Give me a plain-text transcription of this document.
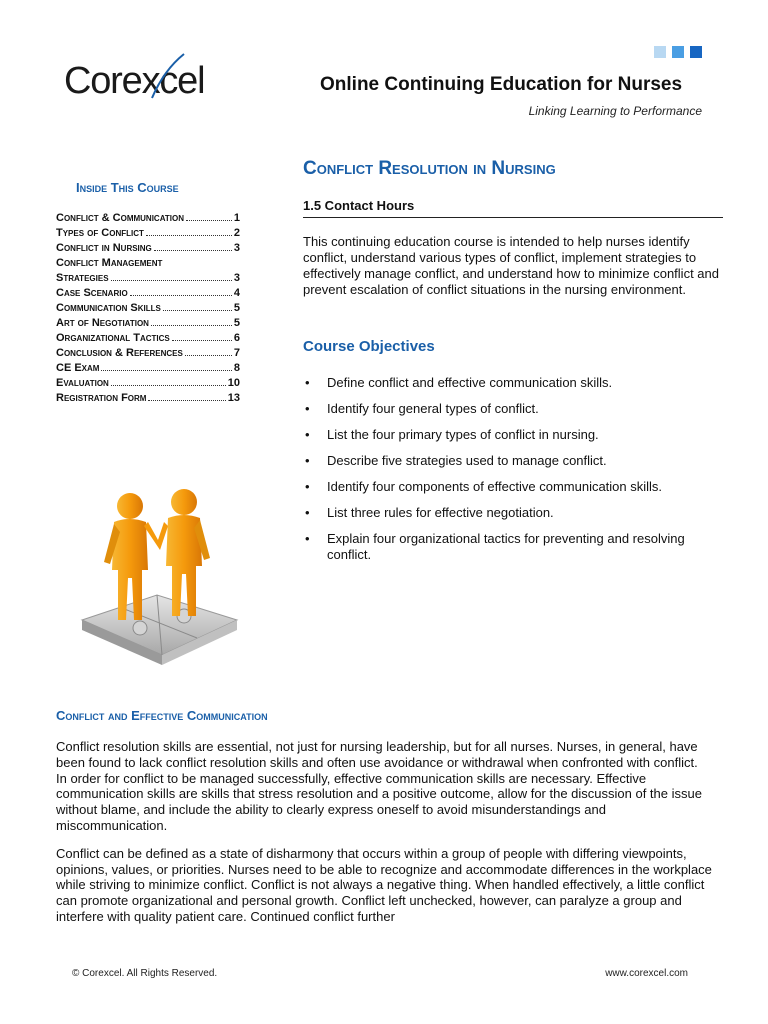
Corexcel	Online Continuing Education for Nurses
Linking Learning to Performance
Inside This Course
Conflict & Communication	1
Types of Conflict	2
Conflict in Nursing	3
Conflict Management
Strategies	3
Case Scenario	4
Communication Skills	5
Art of Negotiation	5
Organizational Tactics	6
Conclusion & References	7
CE Exam	8
Evaluation	10
Registration Form	13
Conflict Resolution in Nursing
1.5 Contact Hours

This continuing education course is intended to help nurses identify conflict, understand various types of conflict, implement strategies to effectively manage conflict, and understand how to minimize conflict and prevent escalation of conflict situations in the nursing environment.

Course Objectives
• Define conflict and effective communication skills.
• Identify four general types of conflict.
• List the four primary types of conflict in nursing.
• Describe five strategies used to manage conflict.
• Identify four components of effective communication skills.
• List three rules for effective negotiation.
• Explain four organizational tactics for preventing and resolving conflict.
Conflict and Effective Communication

Conflict resolution skills are essential, not just for nursing leadership, but for all nurses. Nurses, in general, have been found to lack conflict resolution skills and often use avoidance or withdrawal when confronted with conflict. In order for conflict to be managed successfully, effective communication skills are necessary. Effective communication skills are skills that stress resolution and a positive outcome, allow for the discussion of the issue without blame, and include the ability to clearly express oneself to avoid misunderstandings and miscommunication.

Conflict can be defined as a state of disharmony that occurs within a group of people with differing viewpoints, opinions, values, or priorities. Nurses need to be able to recognize and accommodate differences in the workplace while striving to minimize conflict. Conflict is not always a negative thing. When handled effectively, a little conflict can promote organizational and personal growth. Conflict left unchecked, however, can paralyze a group and interfere with quality patient care. Continued conflict further

© Corexcel. All Rights Reserved.	www.corexcel.com
